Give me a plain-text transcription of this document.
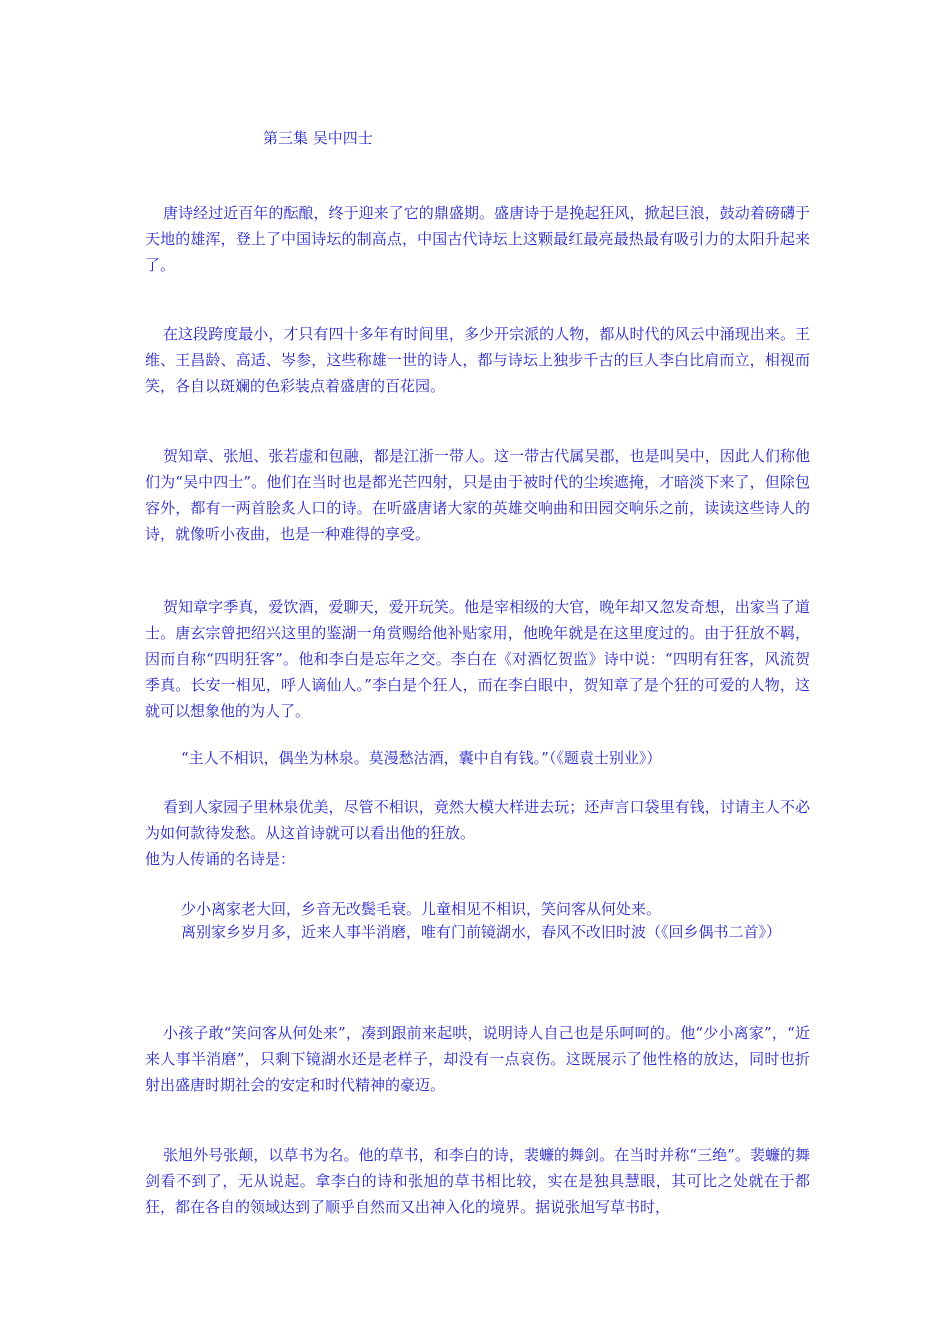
第三集 吴中四士

唐诗经过近百年的酝酿，终于迎来了它的鼎盛期。盛唐诗于是挽起狂风，掀起巨浪，鼓动着磅礴于天地的雄浑，登上了中国诗坛的制高点，中国古代诗坛上这颗最红最亮最热最有吸引力的太阳升起来了。

在这段跨度最小，才只有四十多年有时间里，多少开宗派的人物，都从时代的风云中涌现出来。王维、王昌龄、高适、岑参，这些称雄一世的诗人，都与诗坛上独步千古的巨人李白比肩而立，相视而笑，各自以斑斓的色彩装点着盛唐的百花园。

贺知章、张旭、张若虚和包融，都是江浙一带人。这一带古代属吴郡，也是叫吴中，因此人们称他们为“吴中四士”。他们在当时也是都光芒四射，只是由于被时代的尘埃遮掩，才暗淡下来了，但除包容外，都有一两首脍炙人口的诗。在听盛唐诸大家的英雄交响曲和田园交响乐之前，读读这些诗人的诗，就像听小夜曲，也是一种难得的享受。

贺知章字季真，爱饮酒，爱聊天，爱开玩笑。他是宰相级的大官，晚年却又忽发奇想，出家当了道士。唐玄宗曾把绍兴这里的鉴湖一角赏赐给他补贴家用，他晚年就是在这里度过的。由于狂放不羁，因而自称“四明狂客”。他和李白是忘年之交。李白在《对酒忆贺监》诗中说：“四明有狂客，风流贺季真。长安一相见，呼人谪仙人。”李白是个狂人，而在李白眼中，贺知章了是个狂的可爱的人物，这就可以想象他的为人了。

“主人不相识，偶坐为林泉。莫漫愁沽酒，囊中自有钱。”（《题袁士别业》）

看到人家园子里林泉优美，尽管不相识，竟然大模大样进去玩；还声言口袋里有钱，讨请主人不必为如何款待发愁。从这首诗就可以看出他的狂放。

他为人传诵的名诗是：

少小离家老大回，乡音无改鬓毛衰。儿童相见不相识，笑问客从何处来。

离别家乡岁月多，近来人事半消磨，唯有门前镜湖水，春风不改旧时波（《回乡偶书二首》）

小孩子敢“笑问客从何处来”，凑到跟前来起哄，说明诗人自己也是乐呵呵的。他“少小离家”，“近来人事半消磨”，只剩下镜湖水还是老样子，却没有一点哀伤。这既展示了他性格的放达，同时也折射出盛唐时期社会的安定和时代精神的豪迈。

张旭外号张颠，以草书为名。他的草书，和李白的诗，裴蠊的舞剑。在当时并称“三绝”。裴蠊的舞剑看不到了，无从说起。拿李白的诗和张旭的草书相比较，实在是独具慧眼，其可比之处就在于都狂，都在各自的领域达到了顺乎自然而又出神入化的境界。据说张旭写草书时，
